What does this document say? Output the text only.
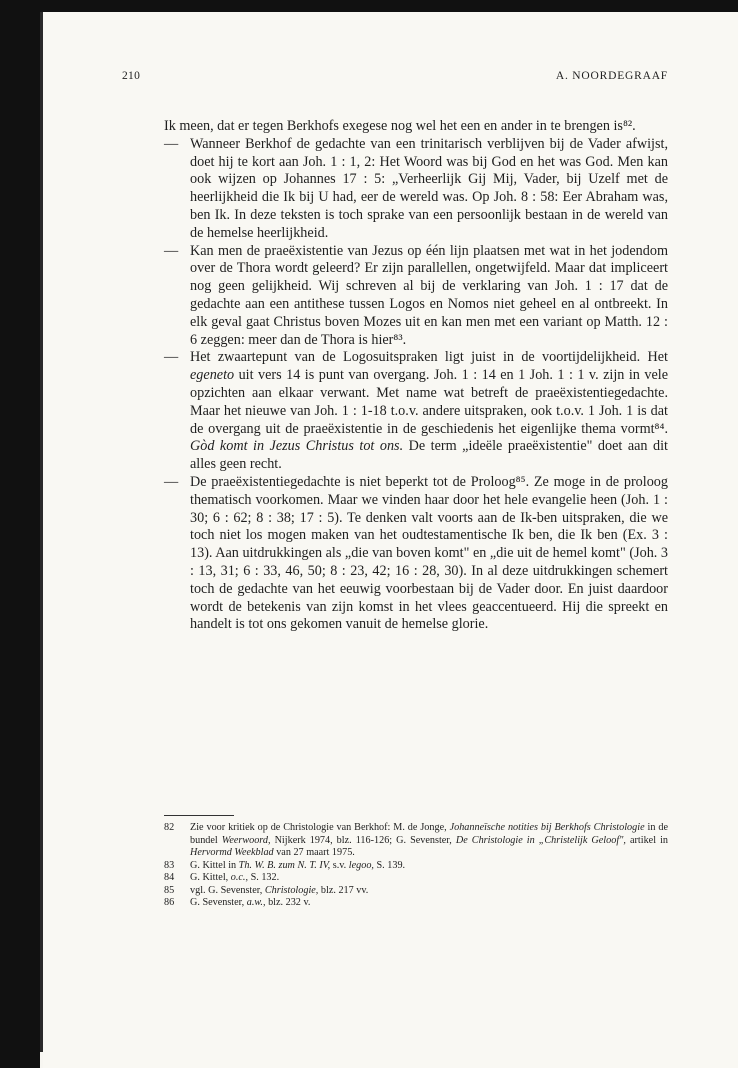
210	A. NOORDEGRAAF

Ik meen, dat er tegen Berkhofs exegese nog wel het een en ander in te brengen is⁸².

— Wanneer Berkhof de gedachte van een trinitarisch verblijven bij de Vader afwijst, doet hij te kort aan Joh. 1 : 1, 2: Het Woord was bij God en het was God. Men kan ook wijzen op Johannes 17 : 5: „Verheerlijk Gij Mij, Vader, bij Uzelf met de heerlijkheid die Ik bij U had, eer de wereld was. Op Joh. 8 : 58: Eer Abraham was, ben Ik. In deze teksten is toch sprake van een persoonlijk bestaan in de wereld van de hemelse heerlijkheid.

— Kan men de praeëxistentie van Jezus op één lijn plaatsen met wat in het jodendom over de Thora wordt geleerd? Er zijn parallellen, ongetwijfeld. Maar dat impliceert nog geen gelijkheid. Wij schreven al bij de verklaring van Joh. 1 : 17 dat de gedachte aan een antithese tussen Logos en Nomos niet geheel en al ontbreekt. In elk geval gaat Christus boven Mozes uit en kan men met een variant op Matth. 12 : 6 zeggen: meer dan de Thora is hier⁸³.

— Het zwaartepunt van de Logosuitspraken ligt juist in de voortijdelijkheid. Het egeneto uit vers 14 is punt van overgang. Joh. 1 : 14 en 1 Joh. 1 : 1 v. zijn in vele opzichten aan elkaar verwant. Met name wat betreft de praeëxistentiegedachte. Maar het nieuwe van Joh. 1 : 1-18 t.o.v. andere uitspraken, ook t.o.v. 1 Joh. 1 is dat de overgang uit de praeëxistentie in de geschiedenis het eigenlijke thema vormt⁸⁴. Gòd komt in Jezus Christus tot ons. De term „ideële praeëxistentie" doet aan dit alles geen recht.

— De praeëxistentiegedachte is niet beperkt tot de Proloog⁸⁵. Ze moge in de proloog thematisch voorkomen. Maar we vinden haar door het hele evangelie heen (Joh. 1 : 30; 6 : 62; 8 : 38; 17 : 5). Te denken valt voorts aan de Ik-ben uitspraken, die we toch niet los mogen maken van het oudtestamentische Ik ben, die Ik ben (Ex. 3 : 13). Aan uitdrukkingen als „die van boven komt" en „die uit de hemel komt" (Joh. 3 : 13, 31; 6 : 33, 46, 50; 8 : 23, 42; 16 : 28, 30). In al deze uitdrukkingen schemert toch de gedachte van het eeuwig voorbestaan bij de Vader door. En juist daardoor wordt de betekenis van zijn komst in het vlees geaccentueerd. Hij die spreekt en handelt is tot ons gekomen vanuit de hemelse glorie.

82 Zie voor kritiek op de Christologie van Berkhof: M. de Jonge, Johanneïsche notities bij Berkhofs Christologie in de bundel Weerwoord, Nijkerk 1974, blz. 116-126; G. Sevenster, De Christologie in „Christelijk Geloof", artikel in Hervormd Weekblad van 27 maart 1975.

83 G. Kittel in Th. W. B. zum N. T. IV, s.v. legoo, S. 139.

84 G. Kittel, o.c., S. 132.

85 vgl. G. Sevenster, Christologie, blz. 217 vv.

86 G. Sevenster, a.w., blz. 232 v.
